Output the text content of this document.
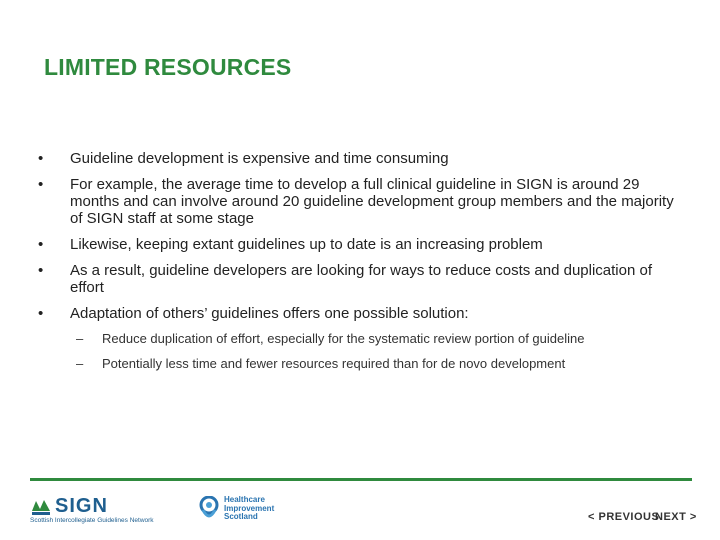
LIMITED RESOURCES
•	Guideline development is expensive and time consuming
•	For example, the average time to develop a full clinical guideline in SIGN is around 29 months and can involve around 20 guideline development group members and the majority of SIGN staff at some stage
•	Likewise, keeping extant guidelines up to date is an increasing problem
•	As a result, guideline developers are looking for ways to reduce costs and duplication of effort
•	Adaptation of others’ guidelines offers one possible solution:
–	Reduce duplication of effort, especially for the systematic review portion of guideline
–	Potentially less time and fewer resources required than for de novo development
SIGN
Scottish Intercollegiate Guidelines Network
Healthcare
Improvement
Scotland	< PREVIOUS
NEXT >
